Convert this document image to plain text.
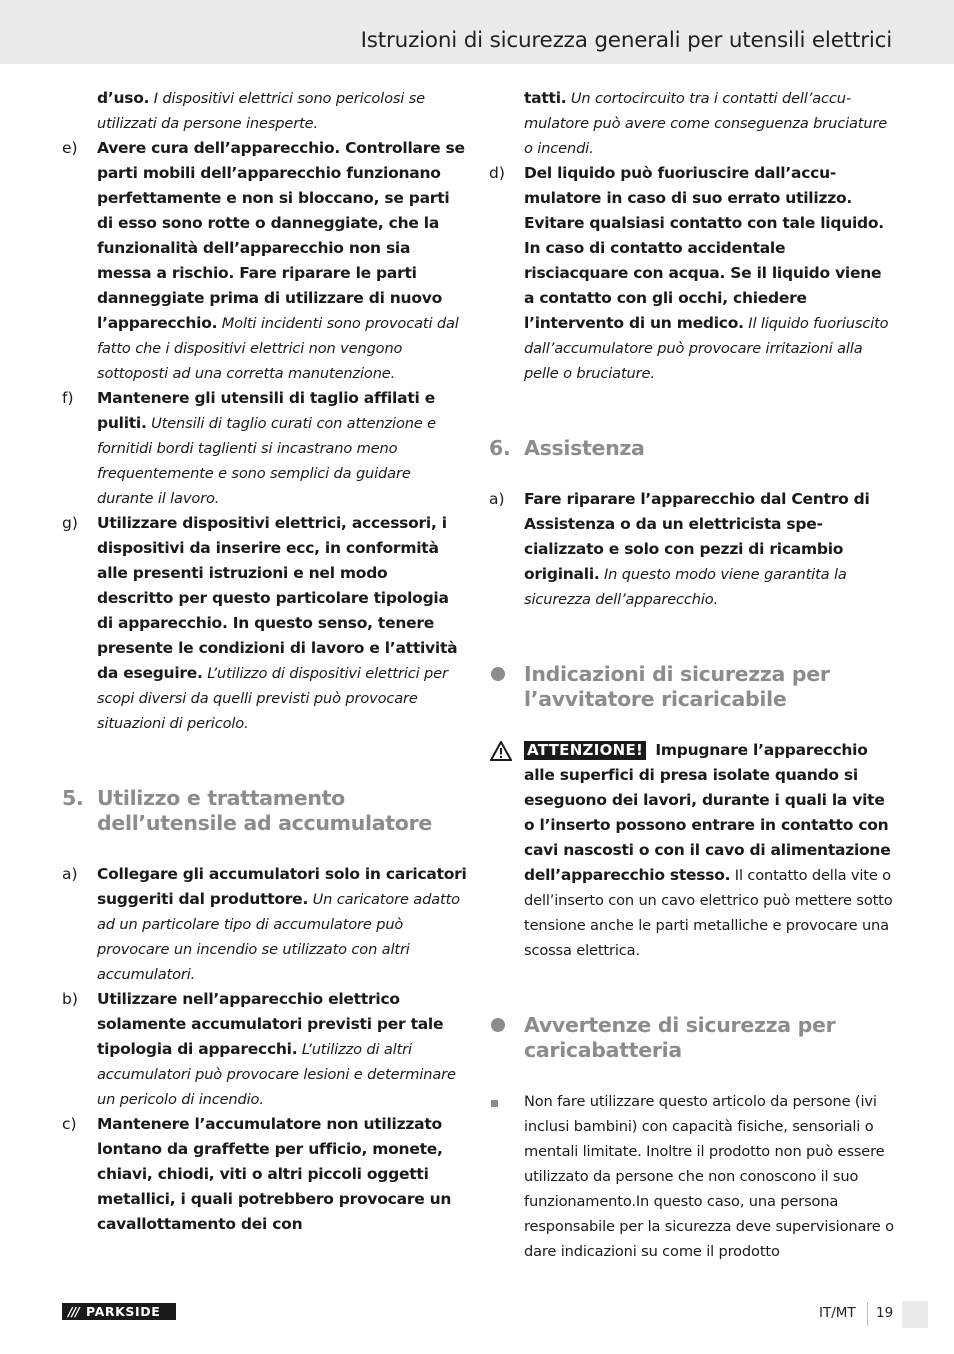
Istruzioni di sicurezza generali per utensili elettrici

d’uso. I dispositivi elettrici sono pericolosi se utilizzati da persone inesperte.

e) Avere cura dell’apparecchio. Controllare se parti mobili dell’apparecchio funzionano perfettamente e non si bloccano, se parti di esso sono rotte o danneggiate, che la funzionalità dell’apparecchio non sia messa a rischio. Fare riparare le parti danneggiate prima di utilizzare di nuovo l’apparecchio. Molti incidenti sono provocati dal fatto che i dispositivi elettrici non vengono sottoposti ad una corretta manutenzione.

f) Mantenere gli utensili di taglio affilati e puliti. Utensili di taglio curati con attenzione e fornitidi bordi taglienti si incastrano meno frequentemente e sono semplici da guidare durante il lavoro.

g) Utilizzare dispositivi elettrici, accessori, i dispositivi da inserire ecc, in conformità alle presenti istruzioni e nel modo descritto per questo particolare tipologia di apparecchio. In questo senso, tenere presente le condizioni di lavoro e l’attività da eseguire. L’utilizzo di dispositivi elettrici per scopi diversi da quelli previsti può provocare situazioni di pericolo.

5. Utilizzo e trattamento dell’utensile ad accumulatore
a) Collegare gli accumulatori solo in caricatori suggeriti dal produttore. Un caricatore adatto ad un particolare tipo di accumulatore può provocare un incendio se utilizzato con altri accumulatori.

b) Utilizzare nell’apparecchio elettrico solamente accumulatori previsti per tale tipologia di apparecchi. L’utilizzo di altri accumulatori può provocare lesioni e determinare un pericolo di incendio.

c) Mantenere l’accumulatore non utilizzato lontano da graffette per ufficio, monete, chiavi, chiodi, viti o altri piccoli oggetti metallici, i quali potrebbero provocare un cavallottamento dei con

tatti. Un cortocircuito tra i contatti dell’accumulatore può avere come conseguenza bruciature o incendi.

d) Del liquido può fuoriuscire dall’accumulatore in caso di suo errato utilizzo. Evitare qualsiasi contatto con tale liquido. In caso di contatto accidentale risciacquare con acqua. Se il liquido viene a contatto con gli occhi, chiedere l’intervento di un medico. Il liquido fuoriuscito dall’accumulatore può provocare irritazioni alla pelle o bruciature.

6. Assistenza
a) Fare riparare l’apparecchio dal Centro di Assistenza o da un elettricista specializzato e solo con pezzi di ricambio originali. In questo modo viene garantita la sicurezza dell’apparecchio.

Indicazioni di sicurezza per l’avvitatore ricaricabile

ATTENZIONE! Impugnare l’apparecchio alle superfici di presa isolate quando si eseguono dei lavori, durante i quali la vite o l’inserto possono entrare in contatto con cavi nascosti o con il cavo di alimentazione dell’apparecchio stesso. Il contatto della vite o dell’inserto con un cavo elettrico può mettere sotto tensione anche le parti metalliche e provocare una scossa elettrica.

Avvertenze di sicurezza per caricabatteria

Non fare utilizzare questo articolo da persone (ivi inclusi bambini) con capacità fisiche, sensoriali o mentali limitate. Inoltre il prodotto non può essere utilizzato da persone che non conoscono il suo funzionamento.In questo caso, una persona responsabile per la sicurezza deve supervisionare o dare indicazioni su come il prodotto

/// PARKSIDE	IT/MT 19
